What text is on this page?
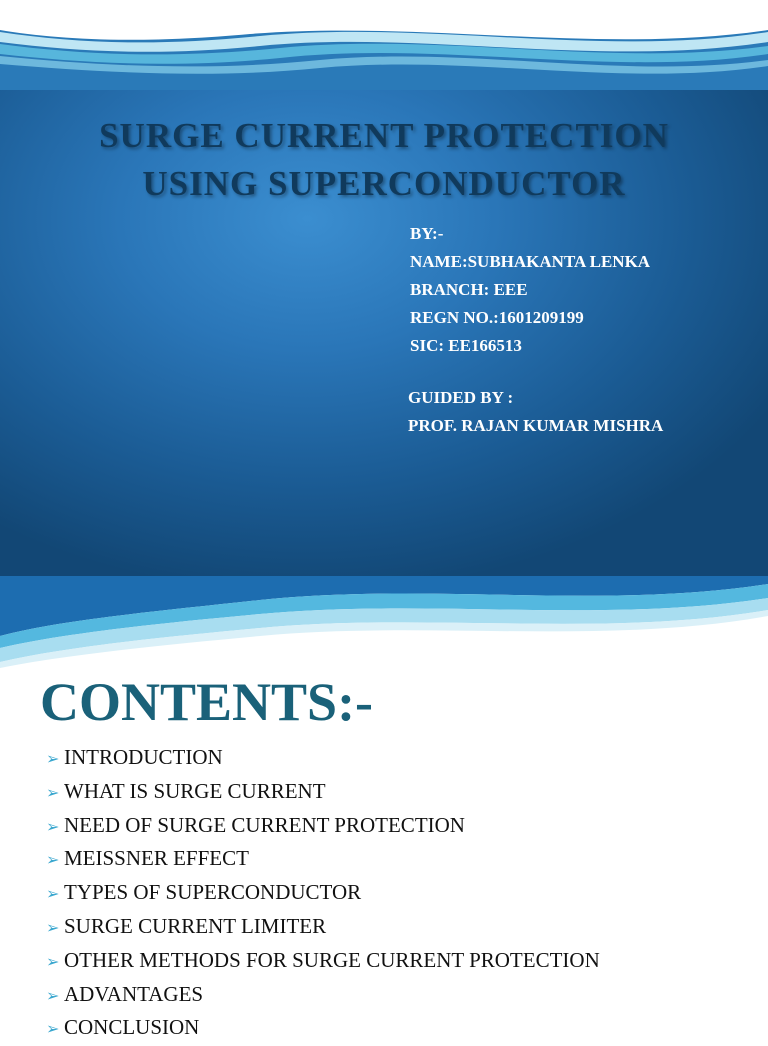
SURGE CURRENT PROTECTION
USING SUPERCONDUCTOR
BY:-
NAME:SUBHAKANTA LENKA
BRANCH: EEE
REGN NO.:1601209199
SIC: EE166513
GUIDED BY :
PROF. RAJAN KUMAR MISHRA
CONTENTS:-
➢ INTRODUCTION
➢ WHAT IS SURGE CURRENT
➢ NEED OF SURGE CURRENT PROTECTION
➢ MEISSNER EFFECT
➢ TYPES OF SUPERCONDUCTOR
➢ SURGE CURRENT LIMITER
➢ OTHER METHODS FOR SURGE CURRENT PROTECTION
➢ ADVANTAGES
➢ CONCLUSION
